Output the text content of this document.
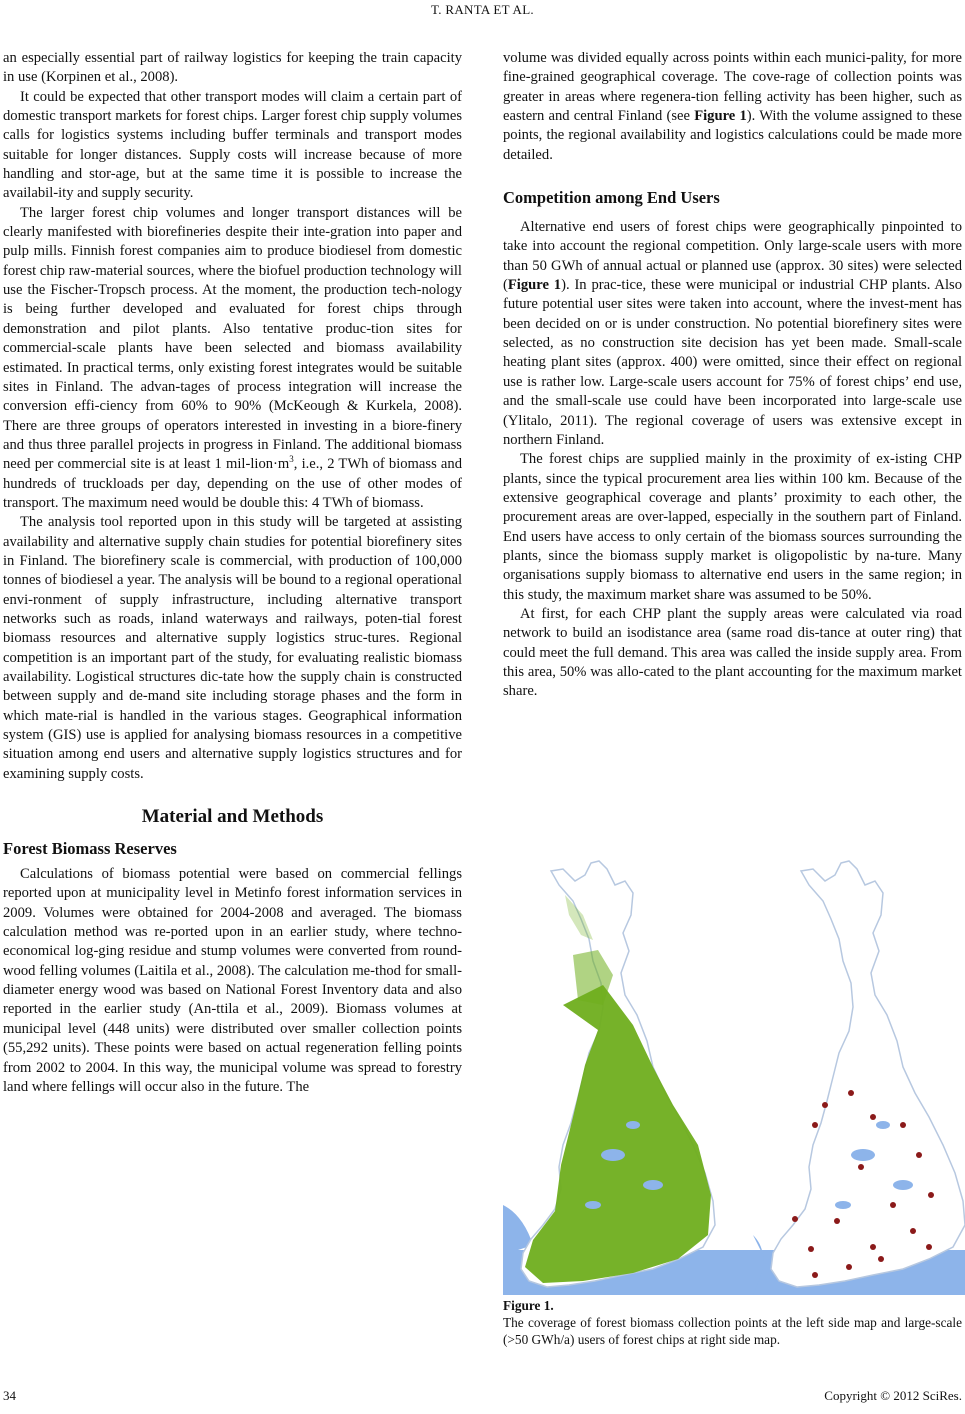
T. RANTA ET AL.

an especially essential part of railway logistics for keeping the train capacity in use (Korpinen et al., 2008).

It could be expected that other transport modes will claim a certain part of domestic transport markets for forest chips. Larger forest chip supply volumes calls for logistics systems including buffer terminals and transport modes suitable for longer distances. Supply costs will increase because of more handling and stor-age, but at the same time it is possible to increase the availabil-ity and supply security.

The larger forest chip volumes and longer transport distances will be clearly manifested with biorefineries despite their inte-gration into paper and pulp mills. Finnish forest companies aim to produce biodiesel from domestic forest chip raw-material sources, where the biofuel production technology will use the Fischer-Tropsch process. At the moment, the production tech-nology is being further developed and evaluated for forest chips through demonstration and pilot plants. Also tentative produc-tion sites for commercial-scale plants have been selected and biomass availability estimated. In practical terms, only existing forest integrates would be suitable sites in Finland. The advan-tages of process integration will increase the conversion effi-ciency from 60% to 90% (McKeough & Kurkela, 2008). There are three groups of operators interested in investing in a biore-finery and thus three parallel projects in progress in Finland. The additional biomass need per commercial site is at least 1 mil-$lion\cdot m^3$, i.e., 2 TWh of biomass and hundreds of truckloads per day, depending on the use of other modes of transport. The maximum need would be double this: 4 TWh of biomass.

The analysis tool reported upon in this study will be targeted at assisting availability and alternative supply chain studies for potential biorefinery sites in Finland. The biorefinery scale is commercial, with production of 100,000 tonnes of biodiesel a year. The analysis will be bound to a regional operational envi-ronment of supply infrastructure, including alternative transport networks such as roads, inland waterways and railways, poten-tial forest biomass resources and alternative supply logistics struc-tures. Regional competition is an important part of the study, for evaluating realistic biomass availability. Logistical structures dic-tate how the supply chain is constructed between supply and de-mand site including storage phases and the form in which mate-rial is handled in the various stages. Geographical information system (GIS) use is applied for analysing biomass resources in a competitive situation among end users and alternative supply logistics structures and for examining supply costs.

Material and Methods
Forest Biomass Reserves

Calculations of biomass potential were based on commercial fellings reported upon at municipality level in Metinfo forest information services in 2009. Volumes were obtained for 2004-2008 and averaged. The biomass calculation method was re-ported upon in an earlier study, where techno-economical log-ging residue and stump volumes were converted from round-wood felling volumes (Laitila et al., 2008). The calculation me-thod for small-diameter energy wood was based on National Forest Inventory data and also reported in the earlier study (An-ttila et al., 2009). Biomass volumes at municipal level (448 units) were distributed over smaller collection points (55,292 units). These points were based on actual regeneration felling points from 2002 to 2004. In this way, the municipal volume was spread to forestry land where fellings will occur also in the future. The

volume was divided equally across points within each munici-pality, for more fine-grained geographical coverage. The cove-rage of collection points was greater in areas where regenera-tion felling activity has been higher, such as eastern and central Finland (see Figure 1). With the volume assigned to these points, the regional availability and logistics calculations could be made more detailed.

Competition among End Users

Alternative end users of forest chips were geographically pinpointed to take into account the regional competition. Only large-scale users with more than 50 GWh of annual actual or planned use (approx. 30 sites) were selected (Figure 1). In prac-tice, these were municipal or industrial CHP plants. Also future potential user sites were taken into account, where the invest-ment has been decided on or is under construction. No potential biorefinery sites were selected, as no construction site decision has yet been made. Small-scale heating plant sites (approx. 400) were omitted, since their effect on regional use is rather low. Large-scale users account for 75% of forest chips’ end use, and the small-scale use could have been incorporated into large-scale use (Ylitalo, 2011). The regional coverage of users was extensive except in northern Finland.

The forest chips are supplied mainly in the proximity of ex-isting CHP plants, since the typical procurement area lies within 100 km. Because of the extensive geographical coverage and plants’ proximity to each other, the procurement areas are over-lapped, especially in the southern part of Finland. End users have access to only certain of the biomass sources surrounding the plants, since the biomass supply market is oligopolistic by na-ture. Many organisations supply biomass to alternative end users in the same region; in this study, the maximum market share was assumed to be 50%.

At first, for each CHP plant the supply areas were calculated via road network to build an isodistance area (same road dis-tance at outer ring) that could meet the full demand. This area was called the inside supply area. From this area, 50% was allo-cated to the plant accounting for the maximum market share.

Figure 1.
The coverage of forest biomass collection points at the left side map and large-scale (>50 GWh/a) users of forest chips at right side map.
34	Copyright © 2012 SciRes.
